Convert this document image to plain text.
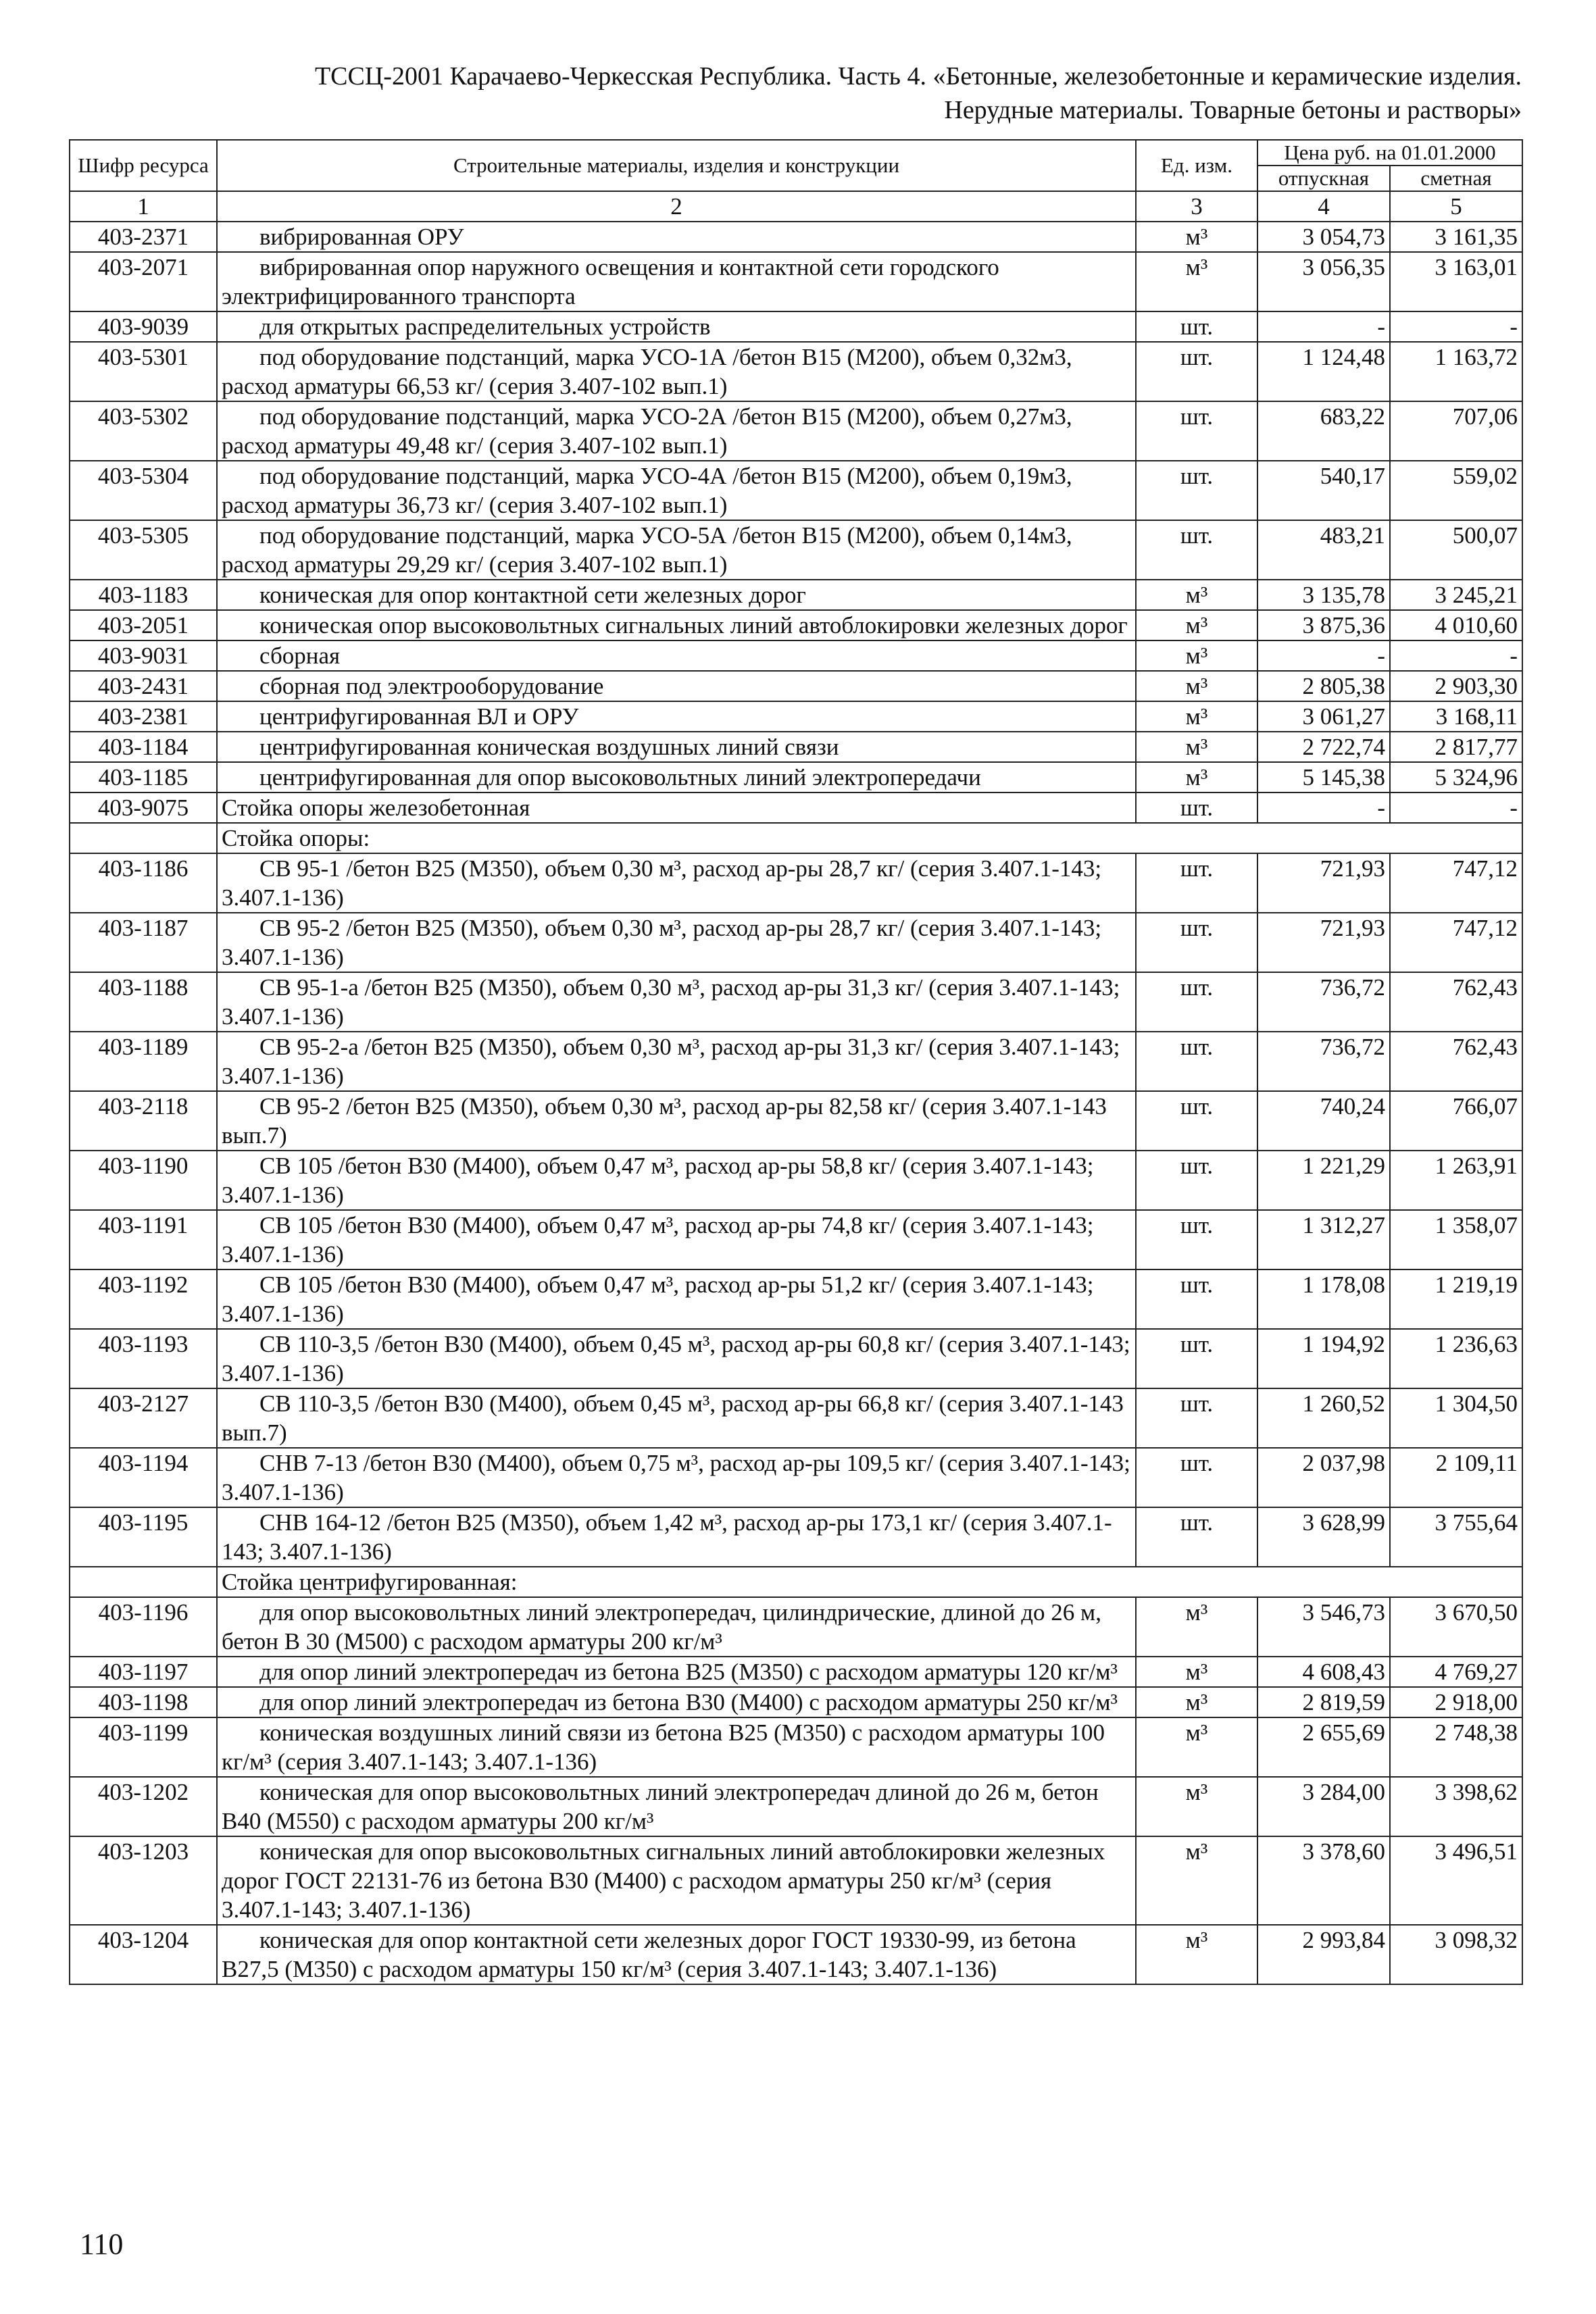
ТССЦ-2001 Карачаево-Черкесская Республика. Часть 4. «Бетонные, железобетонные и керамические изделия.
Нерудные материалы. Товарные бетоны и растворы»
Шифр ресурса	Строительные материалы, изделия и конструкции	Ед. изм.	Цена руб. на 01.01.2000	
			отпускная	сметная
1	2	3	4	5
403-2371	вибрированная ОРУ	м³	3 054,73	3 161,35
403-2071	вибрированная опор наружного освещения и контактной сети городского электрифицированного транспорта	м³	3 056,35	3 163,01
403-9039	для открытых распределительных устройств	шт.	-	-
403-5301	под оборудование подстанций, марка УСО-1А /бетон В15 (М200), объем 0,32м3, расход арматуры 66,53 кг/ (серия 3.407-102 вып.1)	шт.	1 124,48	1 163,72
403-5302	под оборудование подстанций, марка УСО-2А /бетон В15 (М200), объем 0,27м3, расход арматуры 49,48 кг/ (серия 3.407-102 вып.1)	шт.	683,22	707,06
403-5304	под оборудование подстанций, марка УСО-4А /бетон В15 (М200), объем 0,19м3, расход арматуры 36,73 кг/ (серия 3.407-102 вып.1)	шт.	540,17	559,02
403-5305	под оборудование подстанций, марка УСО-5А /бетон В15 (М200), объем 0,14м3, расход арматуры 29,29 кг/ (серия 3.407-102 вып.1)	шт.	483,21	500,07
403-1183	коническая для опор контактной сети железных дорог	м³	3 135,78	3 245,21
403-2051	коническая опор высоковольтных сигнальных линий автоблокировки железных дорог	м³	3 875,36	4 010,60
403-9031	сборная	м³	-	-
403-2431	сборная под электрооборудование	м³	2 805,38	2 903,30
403-2381	центрифугированная ВЛ и ОРУ	м³	3 061,27	3 168,11
403-1184	центрифугированная коническая воздушных линий связи	м³	2 722,74	2 817,77
403-1185	центрифугированная для опор высоковольтных линий электропередачи	м³	5 145,38	5 324,96
403-9075	Стойка опоры железобетонная	шт.	-	-
	Стойка опоры:			
403-1186	СВ 95-1 /бетон В25 (М350), объем 0,30 м³, расход ар-ры 28,7 кг/ (серия 3.407.1-143; 3.407.1-136)	шт.	721,93	747,12
403-1187	СВ 95-2 /бетон В25 (М350), объем 0,30 м³, расход ар-ры 28,7 кг/ (серия 3.407.1-143; 3.407.1-136)	шт.	721,93	747,12
403-1188	СВ 95-1-а /бетон В25 (М350), объем 0,30 м³, расход ар-ры 31,3 кг/ (серия 3.407.1-143; 3.407.1-136)	шт.	736,72	762,43
403-1189	СВ 95-2-а /бетон В25 (М350), объем 0,30 м³, расход ар-ры 31,3 кг/ (серия 3.407.1-143; 3.407.1-136)	шт.	736,72	762,43
403-2118	СВ 95-2 /бетон В25 (М350), объем 0,30 м³, расход ар-ры 82,58 кг/ (серия 3.407.1-143 вып.7)	шт.	740,24	766,07
403-1190	СВ 105 /бетон В30 (М400), объем 0,47 м³, расход ар-ры 58,8 кг/ (серия 3.407.1-143; 3.407.1-136)	шт.	1 221,29	1 263,91
403-1191	СВ 105 /бетон В30 (М400), объем 0,47 м³, расход ар-ры 74,8 кг/ (серия 3.407.1-143; 3.407.1-136)	шт.	1 312,27	1 358,07
403-1192	СВ 105 /бетон В30 (М400), объем 0,47 м³, расход ар-ры 51,2 кг/ (серия 3.407.1-143; 3.407.1-136)	шт.	1 178,08	1 219,19
403-1193	СВ 110-3,5 /бетон В30 (М400), объем 0,45 м³, расход ар-ры 60,8 кг/ (серия 3.407.1-143; 3.407.1-136)	шт.	1 194,92	1 236,63
403-2127	СВ 110-3,5 /бетон В30 (М400), объем 0,45 м³, расход ар-ры 66,8 кг/ (серия 3.407.1-143 вып.7)	шт.	1 260,52	1 304,50
403-1194	СНВ 7-13 /бетон В30 (М400), объем 0,75 м³, расход ар-ры 109,5 кг/ (серия 3.407.1-143; 3.407.1-136)	шт.	2 037,98	2 109,11
403-1195	СНВ 164-12 /бетон В25 (М350), объем 1,42 м³, расход ар-ры 173,1 кг/ (серия 3.407.1-143; 3.407.1-136)	шт.	3 628,99	3 755,64
	Стойка центрифугированная:			
403-1196	для опор высоковольтных линий электропередач, цилиндрические, длиной до 26 м, бетон В 30 (М500) с расходом арматуры 200 кг/м³	м³	3 546,73	3 670,50
403-1197	для опор линий электропередач из бетона В25 (М350) с расходом арматуры 120 кг/м³	м³	4 608,43	4 769,27
403-1198	для опор линий электропередач из бетона В30 (М400) с расходом арматуры 250 кг/м³	м³	2 819,59	2 918,00
403-1199	коническая воздушных линий связи из бетона В25 (М350) с расходом арматуры 100 кг/м³ (серия 3.407.1-143; 3.407.1-136)	м³	2 655,69	2 748,38
403-1202	коническая для опор высоковольтных линий электропередач длиной до 26 м, бетон В40 (М550) с расходом арматуры 200 кг/м³	м³	3 284,00	3 398,62
403-1203	коническая для опор высоковольтных сигнальных линий автоблокировки железных дорог ГОСТ 22131-76 из бетона В30 (М400) с расходом арматуры 250 кг/м³ (серия 3.407.1-143; 3.407.1-136)	м³	3 378,60	3 496,51
403-1204	коническая для опор контактной сети железных дорог ГОСТ 19330-99, из бетона В27,5 (М350) с расходом арматуры 150 кг/м³ (серия 3.407.1-143; 3.407.1-136)	м³	2 993,84	3 098,32
110
